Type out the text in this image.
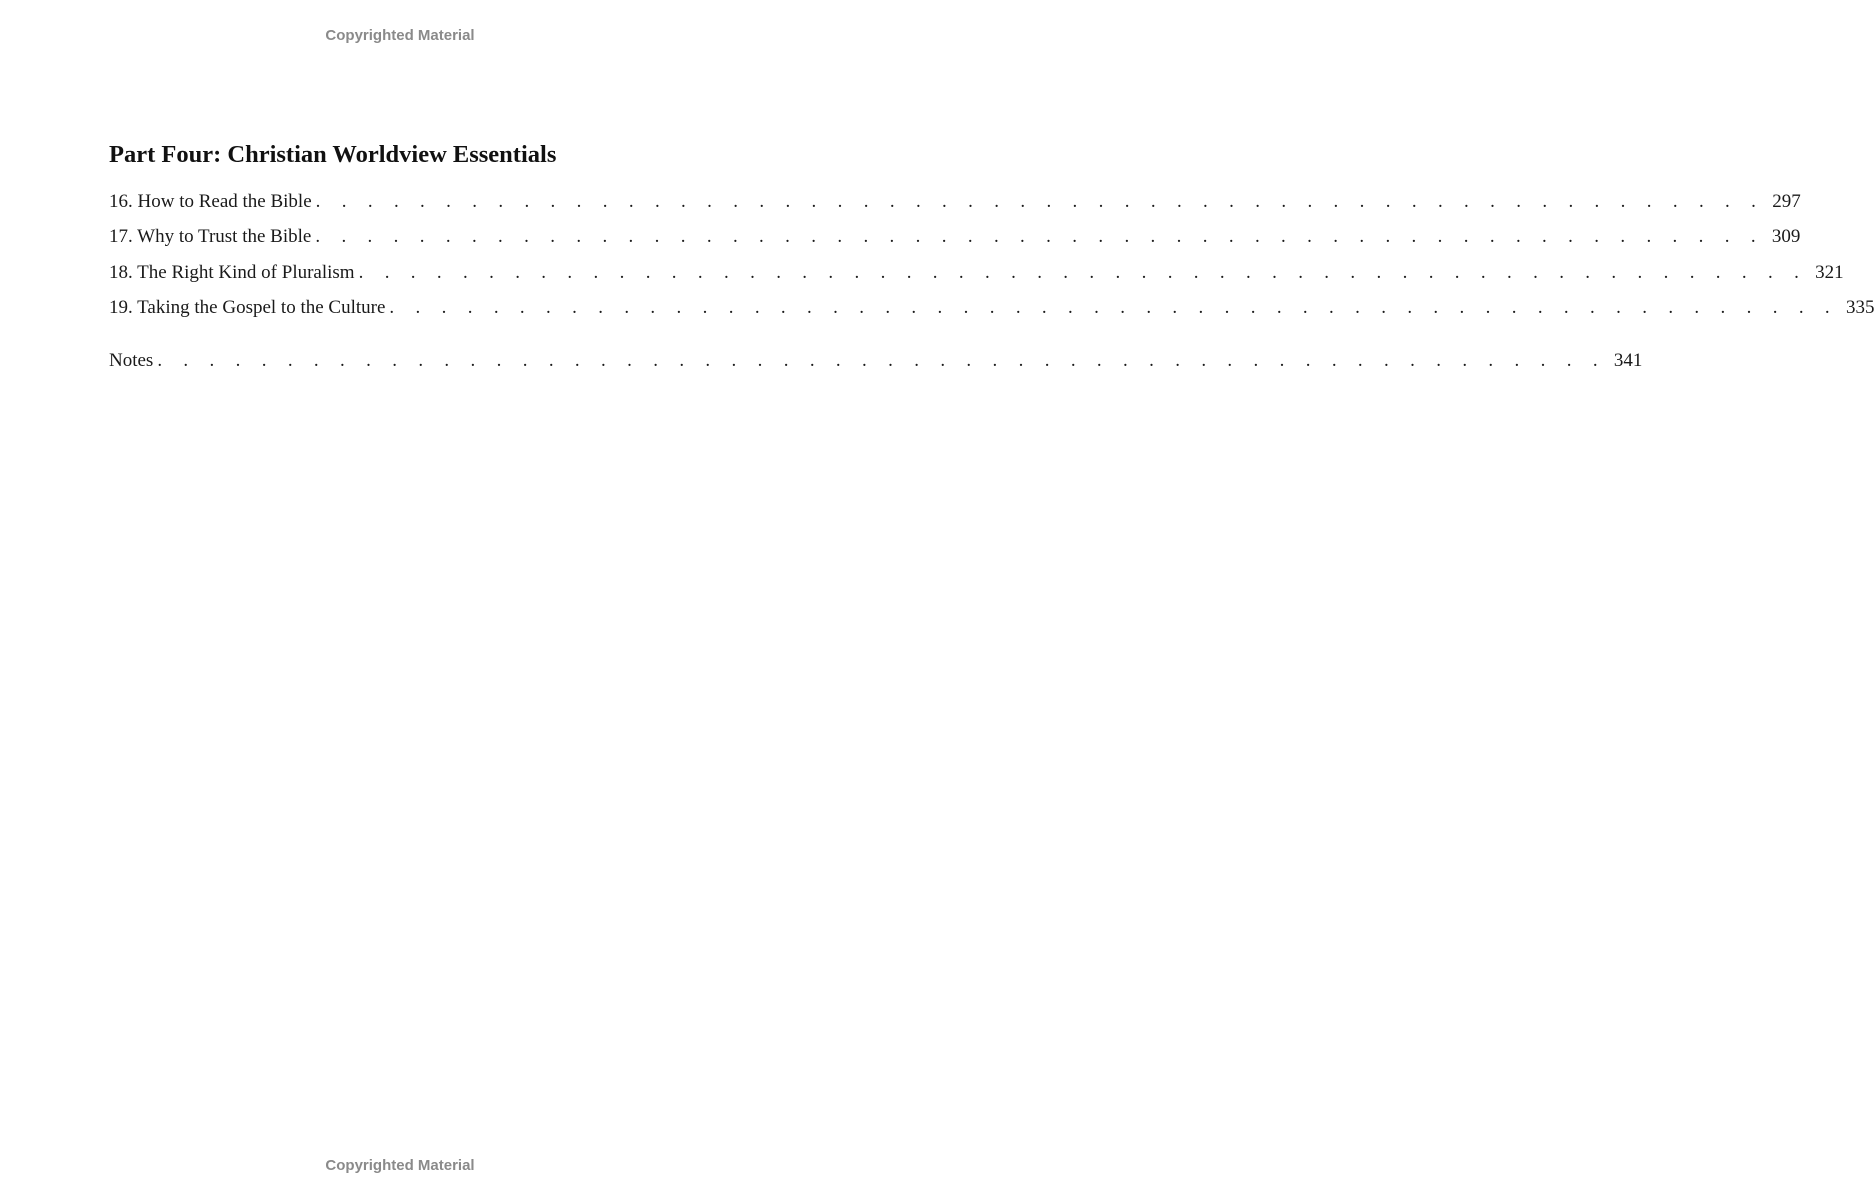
Copyrighted Material
Part Four: Christian Worldview Essentials
16. How to Read the Bible . . . . . . . . . . . . . . . . . . . . . . . . . . . . . . . . . . . . . . . . . . . . . . . . . . . . . . . . 297
17. Why to Trust the Bible . . . . . . . . . . . . . . . . . . . . . . . . . . . . . . . . . . . . . . . . . . . . . . . . . . . . . . . . 309
18. The Right Kind of Pluralism . . . . . . . . . . . . . . . . . . . . . . . . . . . . . . . . . . . . . . . . . . . . . . . . . . . . . . . . 321
19. Taking the Gospel to the Culture . . . . . . . . . . . . . . . . . . . . . . . . . . . . . . . . . . . . . . . . . . . . . . . . . . . . . . . . 335
Notes . . . . . . . . . . . . . . . . . . . . . . . . . . . . . . . . . . . . . . . . . . . . . . . . . . . . . . . . 341
Copyrighted Material
